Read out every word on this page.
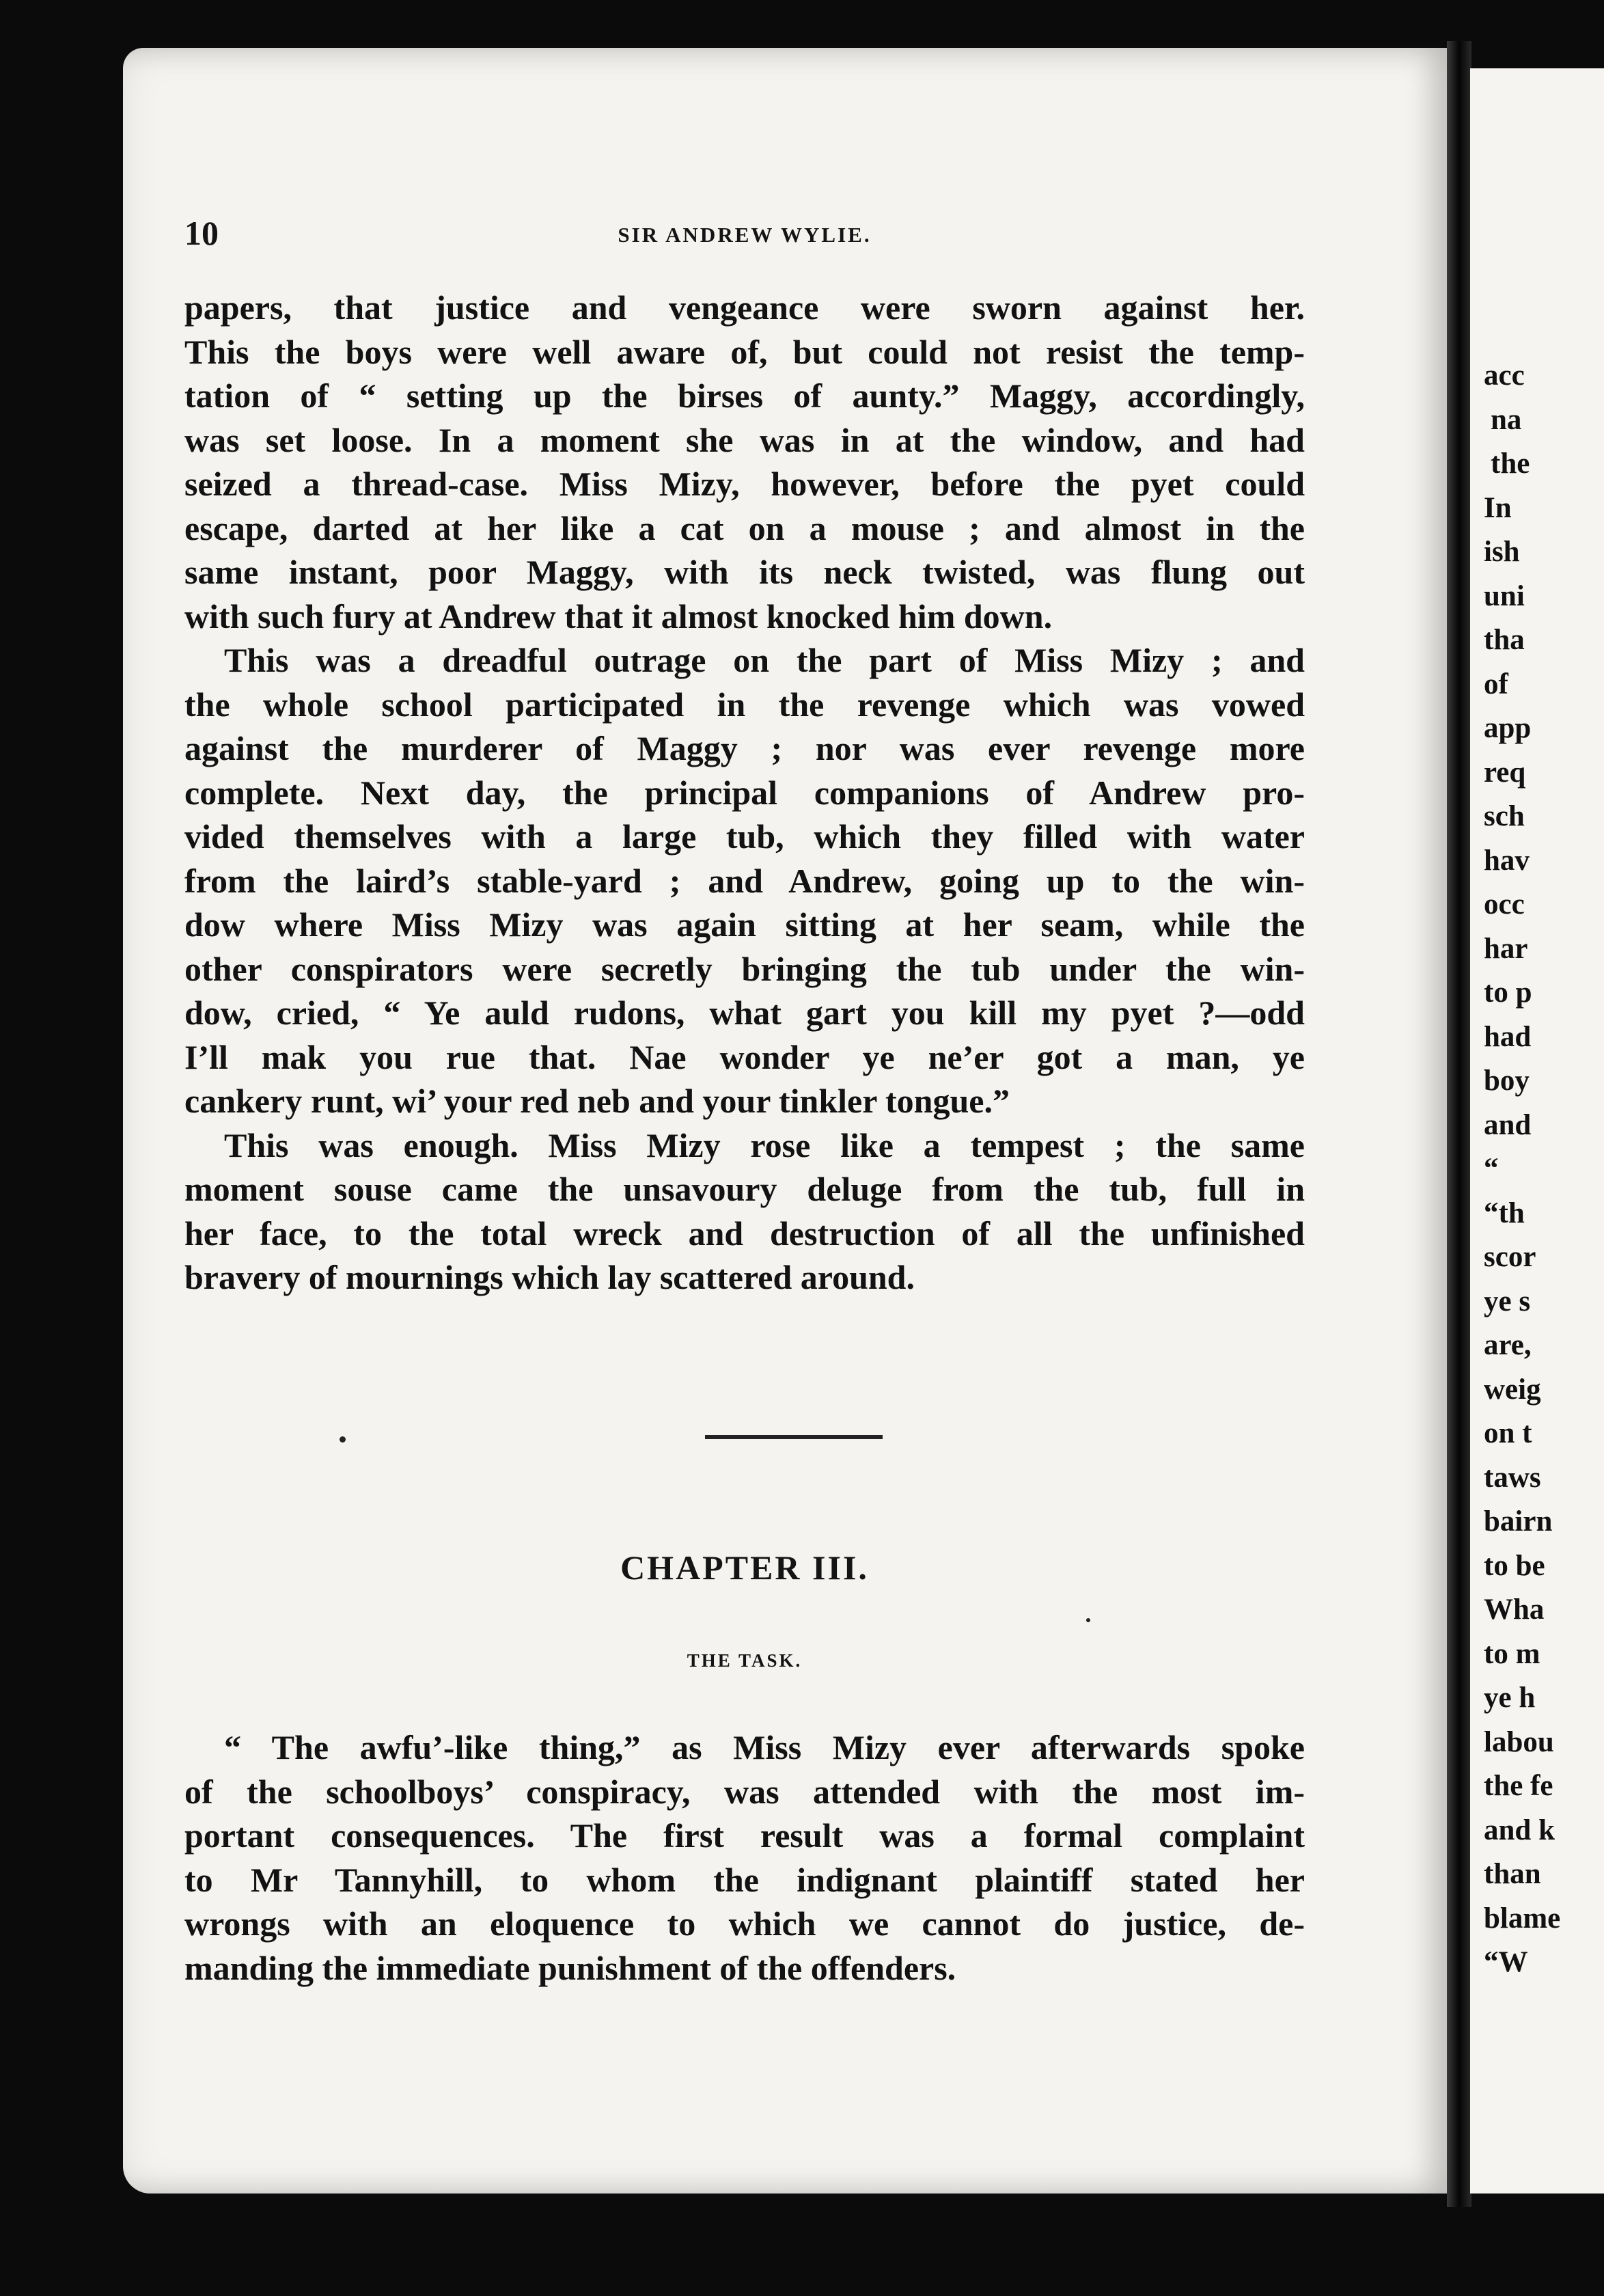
acc
na
the
In
ish
uni
tha
of
app
req
sch
hav
occ
har
to p
had
boy
and
“
“th
scor
ye s
are,
weig
on t
taws
bairn
to be
Wha
to m
ye h
labou
the fe
and k
than
blame
“W
10	SIR ANDREW WYLIE.
papers, that justice and vengeance were sworn against her.
This the boys were well aware of, but could not resist the temp-
tation of “ setting up the birses of aunty.” Maggy, accordingly,
was set loose. In a moment she was in at the window, and had
seized a thread-case. Miss Mizy, however, before the pyet could
escape, darted at her like a cat on a mouse ; and almost in the
same instant, poor Maggy, with its neck twisted, was flung out
with such fury at Andrew that it almost knocked him down.
This was a dreadful outrage on the part of Miss Mizy ; and
the whole school participated in the revenge which was vowed
against the murderer of Maggy ; nor was ever revenge more
complete. Next day, the principal companions of Andrew pro-
vided themselves with a large tub, which they filled with water
from the laird’s stable-yard ; and Andrew, going up to the win-
dow where Miss Mizy was again sitting at her seam, while the
other conspirators were secretly bringing the tub under the win-
dow, cried, “ Ye auld rudons, what gart you kill my pyet ?—odd
I’ll mak you rue that. Nae wonder ye ne’er got a man, ye
cankery runt, wi’ your red neb and your tinkler tongue.”
This was enough. Miss Mizy rose like a tempest ; the same
moment souse came the unsavoury deluge from the tub, full in
her face, to the total wreck and destruction of all the unfinished
bravery of mournings which lay scattered around.
CHAPTER III.
THE TASK.
“ The awfu’-like thing,” as Miss Mizy ever afterwards spoke
of the schoolboys’ conspiracy, was attended with the most im-
portant consequences. The first result was a formal complaint
to Mr Tannyhill, to whom the indignant plaintiff stated her
wrongs with an eloquence to which we cannot do justice, de-
manding the immediate punishment of the offenders.
